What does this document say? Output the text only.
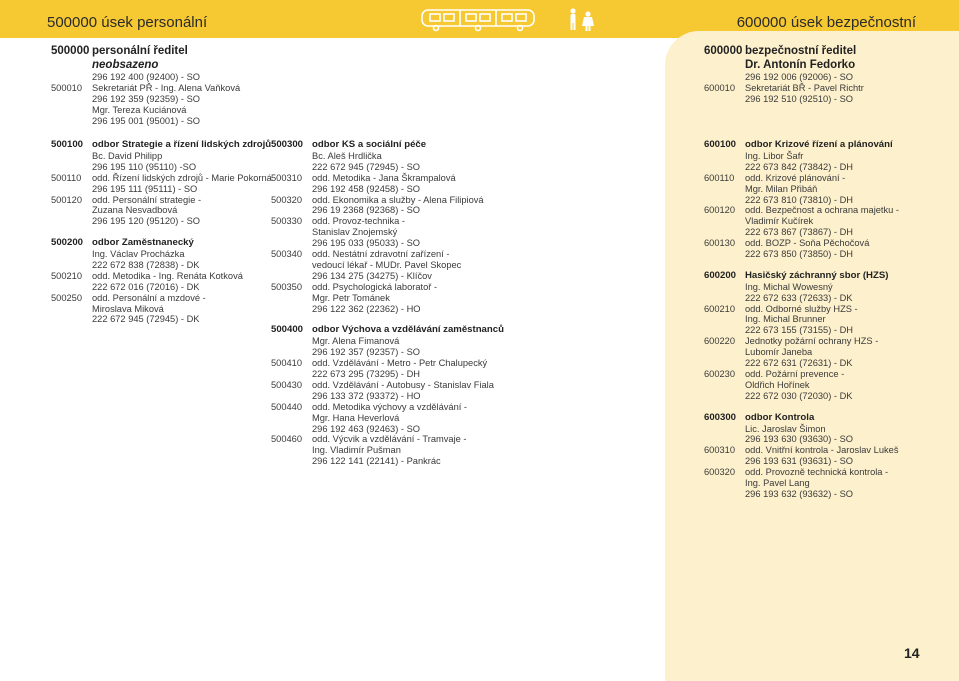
500000 úsek personální	600000 úsek bezpečnostní
500000 personální ředitel
neobsazeno
296 192 400 (92400) - SO
500010	Sekretariát PŘ - Ing. Alena Vaňková
296 192 359 (92359) - SO
Mgr. Tereza Kuciánová
296 195 001 (95001) - SO
600000 bezpečnostní ředitel
Dr. Antonín Fedorko
296 192 006 (92006) - SO
600010	Sekretariát BŘ - Pavel Richtr
296 192 510 (92510) - SO
500100 odbor Strategie a řízení lidských zdrojů
Bc. David Philipp
296 195 110 (95110) -SO
500110	odd. Řízení lidských zdrojů - Marie Pokorná
296 195 111 (95111) - SO
500120	odd. Personální strategie -
Zuzana Nesvadbová
296 195 120 (95120) - SO
500200 odbor Zaměstnanecký
Ing. Václav Procházka
222 672 838 (72838) - DK
500210	odd. Metodika - Ing. Renáta Kotková
222 672 016 (72016) - DK
500250	odd. Personální a mzdové -
Miroslava Miková
222 672 945 (72945) - DK
500300 odbor KS a sociální péče
Bc. Aleš Hrdlička
222 672 945 (72945) - SO
500310	odd. Metodika - Jana Škrampalová
296 192 458 (92458) - SO
500320	odd. Ekonomika a služby - Alena Filipiová
296 19 2368 (92368) - SO
500330	odd. Provoz-technika -
Stanislav Znojemský
296 195 033 (95033) - SO
500340	odd. Nestátní zdravotní zařízení -
vedoucí lékař - MUDr. Pavel Skopec
296 134 275 (34275) - Klíčov
500350	odd. Psychologická laboratoř -
Mgr. Petr Tománek
296 122 362 (22362) - HO
500400 odbor Výchova a vzdělávání zaměstnanců
Mgr. Alena Fimanová
296 192 357 (92357) - SO
500410	odd. Vzdělávání - Metro - Petr Chalupecký
222 673 295 (73295) - DH
500430	odd. Vzdělávání - Autobusy - Stanislav Fiala
296 133 372 (93372) - HO
500440	odd. Metodika výchovy a vzdělávání -
Mgr. Hana Heverlová
296 192 463 (92463) - SO
500460	odd. Výcvik a vzdělávání - Tramvaje -
Ing. Vladimír Pušman
296 122 141 (22141) - Pankrác
600100 odbor Krizové řízení a plánování
Ing. Libor Šafr
222 673 842 (73842) - DH
600110	odd. Krizové plánování -
Mgr. Milan Přibáň
222 673 810 (73810) - DH
600120	odd. Bezpečnost a ochrana majetku -
Vladimír Kučírek
222 673 867 (73867) - DH
600130	odd. BOZP - Soňa Pěchočová
222 673 850 (73850) - DH
600200 Hasičský záchranný sbor (HZS)
Ing. Michal Wowesný
222 672 633 (72633) - DK
600210	odd. Odborné služby HZS -
Ing. Michal Brunner
222 673 155 (73155) - DH
600220	Jednotky požární ochrany HZS -
Lubomír Janeba
222 672 631 (72631) - DK
600230	odd. Požární prevence -
Oldřich Hořínek
222 672 030 (72030) - DK
600300 odbor Kontrola
Lic. Jaroslav Šimon
296 193 630 (93630) - SO
600310	odd. Vnitřní kontrola - Jaroslav Lukeš
296 193 631 (93631) - SO
600320	odd. Provozně technická kontrola -
Ing. Pavel Lang
296 193 632 (93632) - SO
14
